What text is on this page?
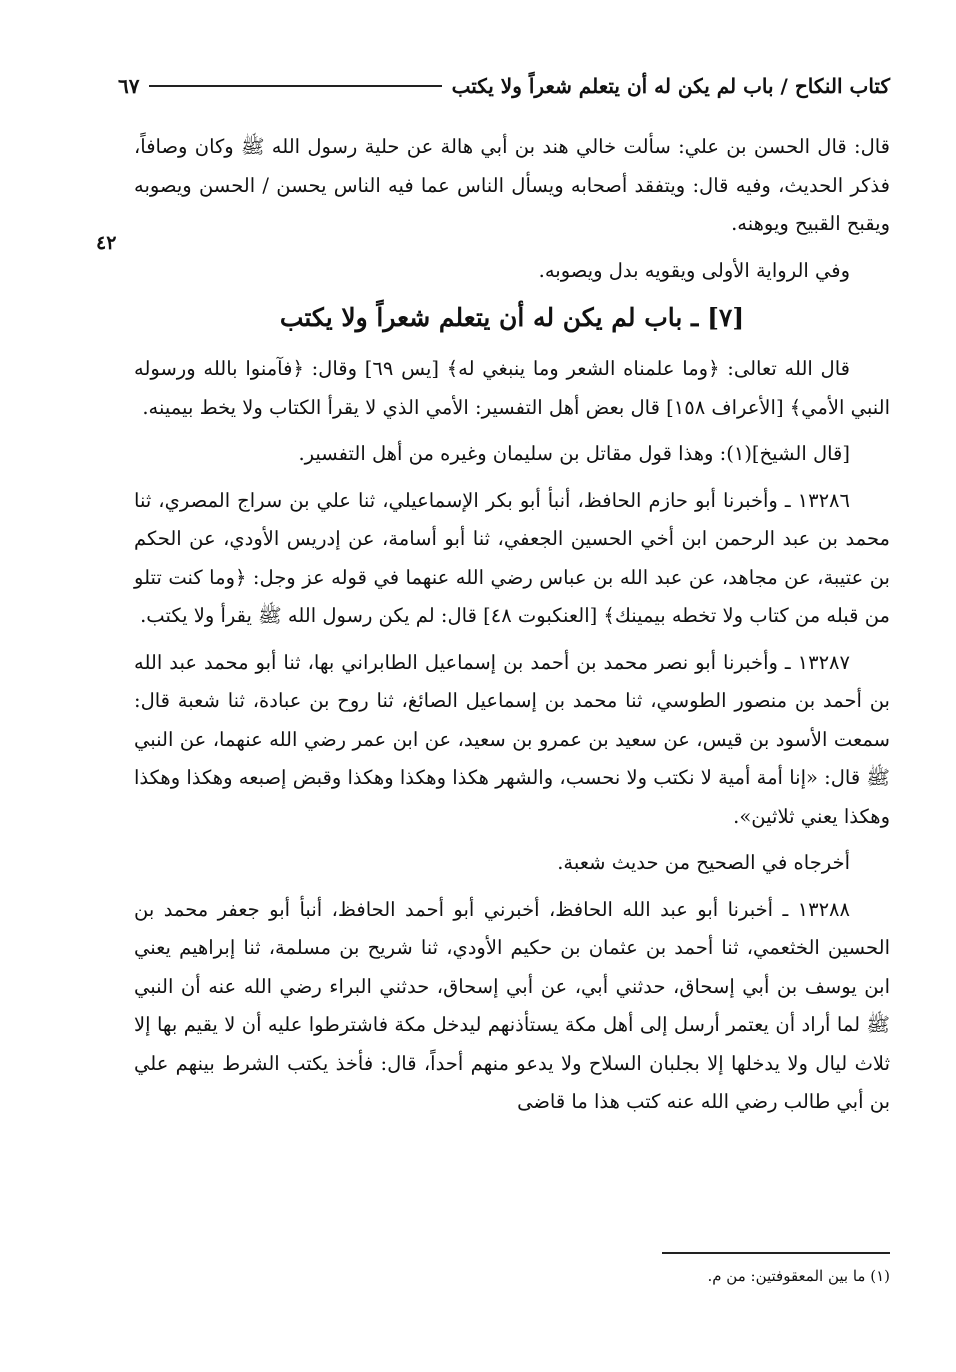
كتاب النكاح / باب لم يكن له أن يتعلم شعراً ولا يكتب
٦٧
٤٢

قال: قال الحسن بن علي: سألت خالي هند بن أبي هالة عن حلية رسول الله ﷺ وكان وصافاً، فذكر الحديث، وفيه قال: ويتفقد أصحابه ويسأل الناس عما فيه الناس يحسن / الحسن ويصوبه ويقبح القبيح ويوهنه.

وفي الرواية الأولى ويقويه بدل ويصوبه.

[٧] ـ باب لم يكن له أن يتعلم شعراً ولا يكتب

قال الله تعالى: ﴿وما علمناه الشعر وما ينبغي له﴾ [يس ٦٩] وقال: ﴿فآمنوا بالله ورسوله النبي الأمي﴾ [الأعراف ١٥٨] قال بعض أهل التفسير: الأمي الذي لا يقرأ الكتاب ولا يخط بيمينه.

[قال الشيخ](١): وهذا قول مقاتل بن سليمان وغيره من أهل التفسير.

١٣٢٨٦ ـ وأخبرنا أبو حازم الحافظ، أنبأ أبو بكر الإسماعيلي، ثنا علي بن سراج المصري، ثنا محمد بن عبد الرحمن ابن أخي الحسين الجعفي، ثنا أبو أسامة، عن إدريس الأودي، عن الحكم بن عتيبة، عن مجاهد، عن عبد الله بن عباس رضي الله عنهما في قوله عز وجل: ﴿وما كنت تتلو من قبله من كتاب ولا تخطه بيمينك﴾ [العنكبوت ٤٨] قال: لم يكن رسول الله ﷺ يقرأ ولا يكتب.

١٣٢٨٧ ـ وأخبرنا أبو نصر محمد بن أحمد بن إسماعيل الطابراني بها، ثنا أبو محمد عبد الله بن أحمد بن منصور الطوسي، ثنا محمد بن إسماعيل الصائغ، ثنا روح بن عبادة، ثنا شعبة قال: سمعت الأسود بن قيس، عن سعيد بن عمرو بن سعيد، عن ابن عمر رضي الله عنهما، عن النبي ﷺ قال: «إنا أمة أمية لا نكتب ولا نحسب، والشهر هكذا وهكذا وهكذا وقبض إصبعه وهكذا وهكذا وهكذا يعني ثلاثين».

أخرجاه في الصحيح من حديث شعبة.

١٣٢٨٨ ـ أخبرنا أبو عبد الله الحافظ، أخبرني أبو أحمد الحافظ، أنبأ أبو جعفر محمد بن الحسين الخثعمي، ثنا أحمد بن عثمان بن حكيم الأودي، ثنا شريح بن مسلمة، ثنا إبراهيم يعني ابن يوسف بن أبي إسحاق، حدثني أبي، عن أبي إسحاق، حدثني البراء رضي الله عنه أن النبي ﷺ لما أراد أن يعتمر أرسل إلى أهل مكة يستأذنهم ليدخل مكة فاشترطوا عليه أن لا يقيم بها إلا ثلاث ليال ولا يدخلها إلا بجلبان السلاح ولا يدعو منهم أحداً، قال: فأخذ يكتب الشرط بينهم علي بن أبي طالب رضي الله عنه كتب هذا ما قاضى

(١) ما بين المعقوفتين: من م.
